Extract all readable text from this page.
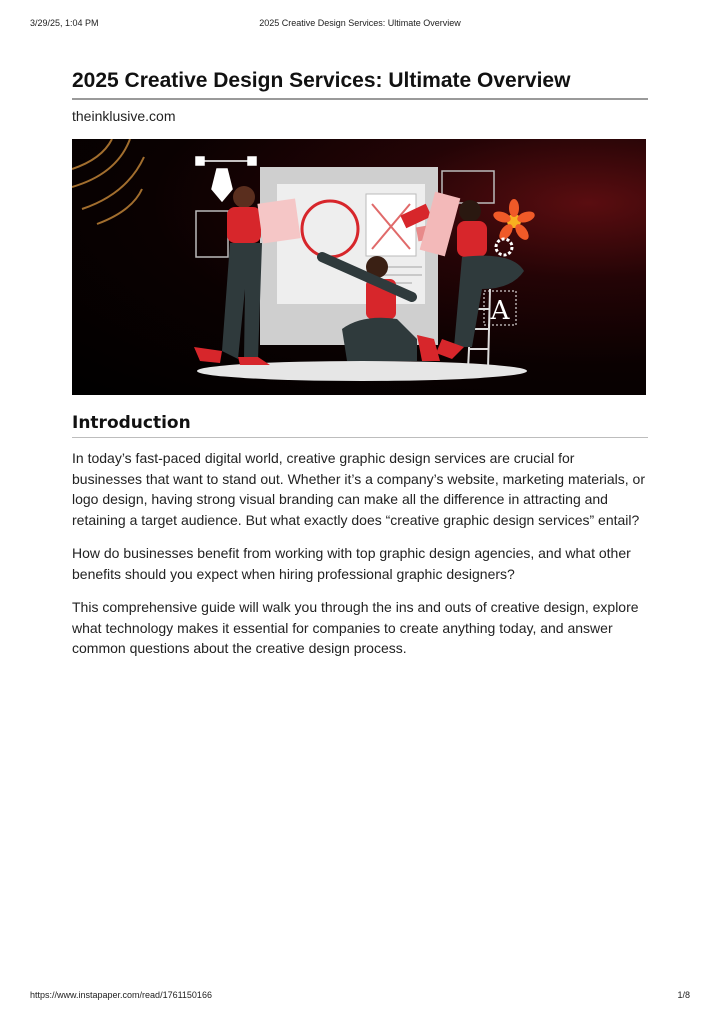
3/29/25, 1:04 PM	2025 Creative Design Services: Ultimate Overview
2025 Creative Design Services: Ultimate Overview
theinklusive.com
A
Introduction

In today’s fast-paced digital world, creative graphic design services are crucial for businesses that want to stand out. Whether it’s a company’s website, marketing materials, or logo design, having strong visual branding can make all the difference in attracting and retaining a target audience. But what exactly does “creative graphic design services” entail?

How do businesses benefit from working with top graphic design agencies, and what other benefits should you expect when hiring professional graphic designers?

This comprehensive guide will walk you through the ins and outs of creative design, explore what technology makes it essential for companies to create anything today, and answer common questions about the creative design process.

https://www.instapaper.com/read/1761150166	1/8
